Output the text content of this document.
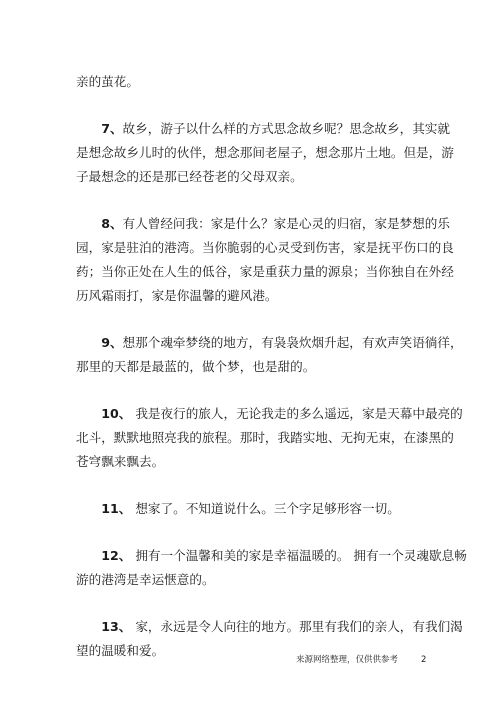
亲的茧花。
  7、故乡，游子以什么样的方式思念故乡呢？思念故乡，其实就
是想念故乡儿时的伙伴，想念那间老屋子，想念那片土地。但是，游
子最想念的还是那已经苍老的父母双亲。
  8、有人曾经问我：家是什么？家是心灵的归宿，家是梦想的乐
园，家是驻泊的港湾。当你脆弱的心灵受到伤害，家是抚平伤口的良
药；当你正处在人生的低谷，家是重获力量的源泉；当你独自在外经
历风霜雨打，家是你温馨的避风港。
  9、想那个魂牵梦绕的地方，有袅袅炊烟升起，有欢声笑语徜徉，
那里的天都是最蓝的，做个梦，也是甜的。
  10、 我是夜行的旅人，无论我走的多么遥远，家是天幕中最亮的
北斗，默默地照亮我的旅程。那时，我踏实地、无拘无束，在漆黑的
苍穹飘来飘去。
  11、 想家了。不知道说什么。三个字足够形容一切。
  12、 拥有一个温馨和美的家是幸福温暖的。 拥有一个灵魂歇息畅
游的港湾是幸运惬意的。
  13、 家，永远是令人向往的地方。那里有我们的亲人，有我们渴
望的温暖和爱。
来源网络整理，仅供供参考	2
